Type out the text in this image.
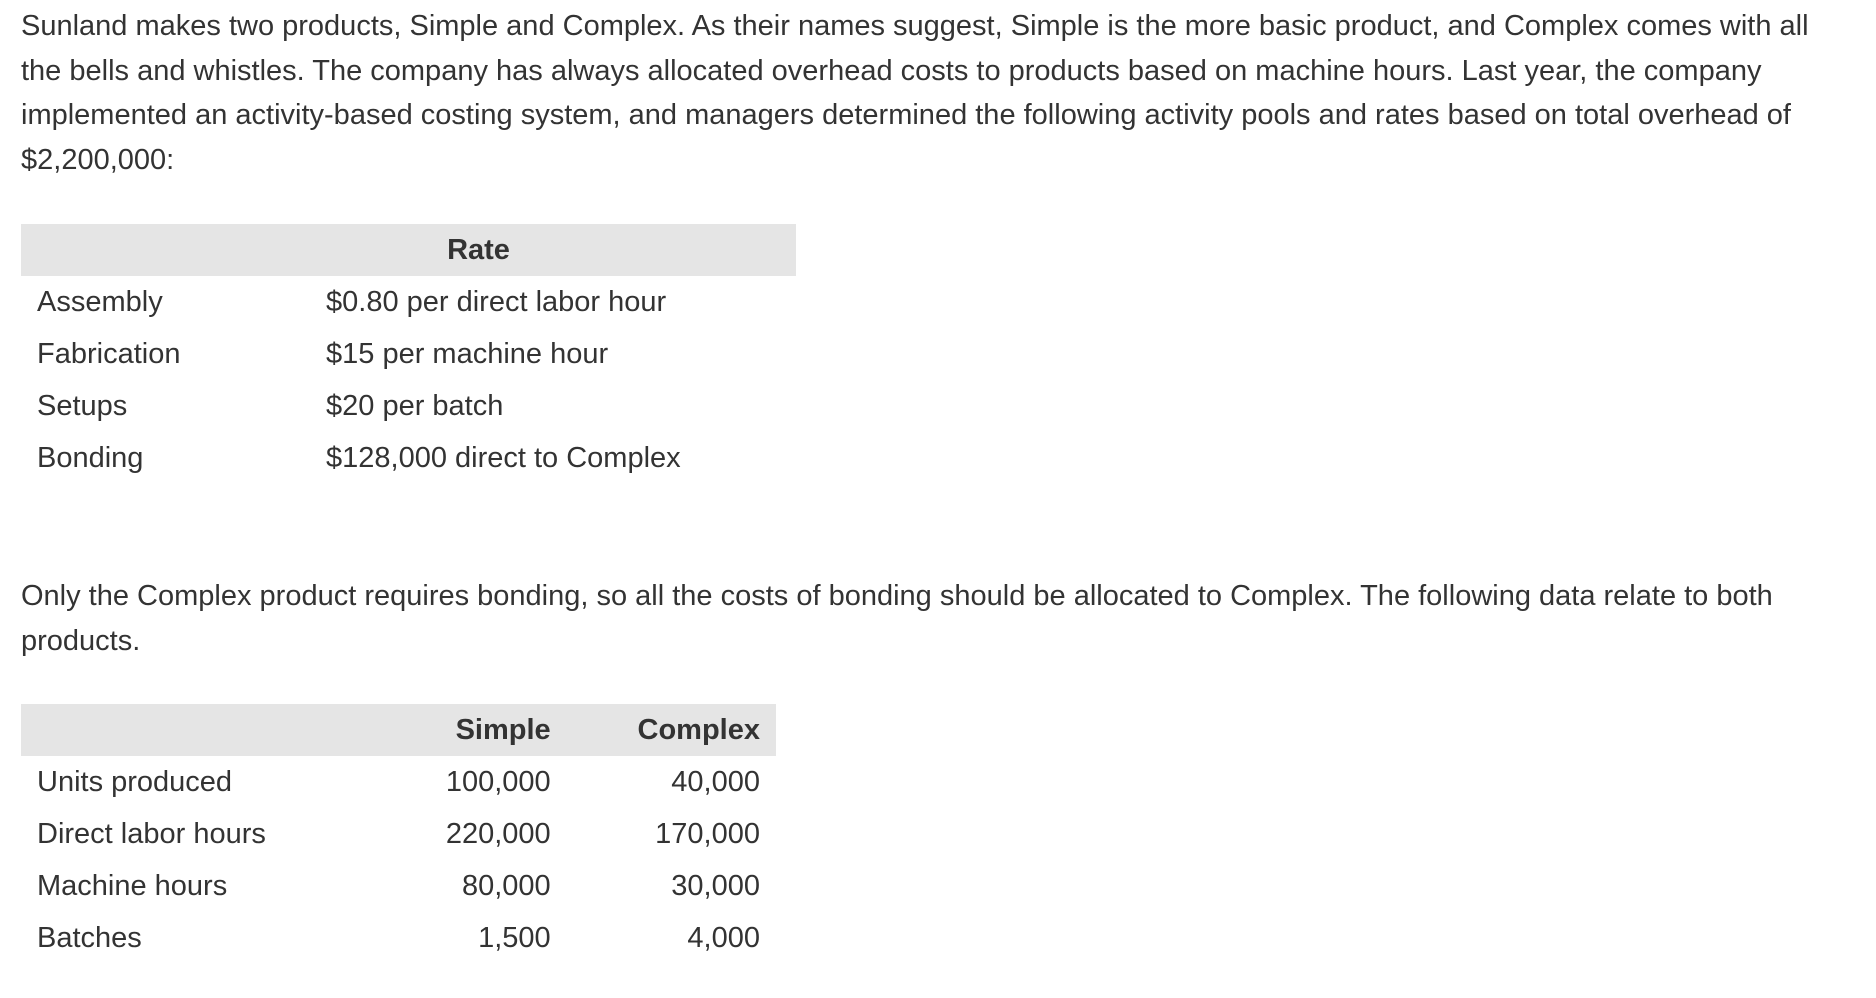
Sunland makes two products, Simple and Complex. As their names suggest, Simple is the more basic product, and Complex comes with all the bells and whistles. The company has always allocated overhead costs to products based on machine hours. Last year, the company implemented an activity-based costing system, and managers determined the following activity pools and rates based on total overhead of $2,200,000:

	Rate
Assembly	$0.80 per direct labor hour
Fabrication	$15 per machine hour
Setups	$20 per batch
Bonding	$128,000 direct to Complex

Only the Complex product requires bonding, so all the costs of bonding should be allocated to Complex. The following data relate to both products.

	Simple	Complex
Units produced	100,000	40,000
Direct labor hours	220,000	170,000
Machine hours	80,000	30,000
Batches	1,500	4,000
